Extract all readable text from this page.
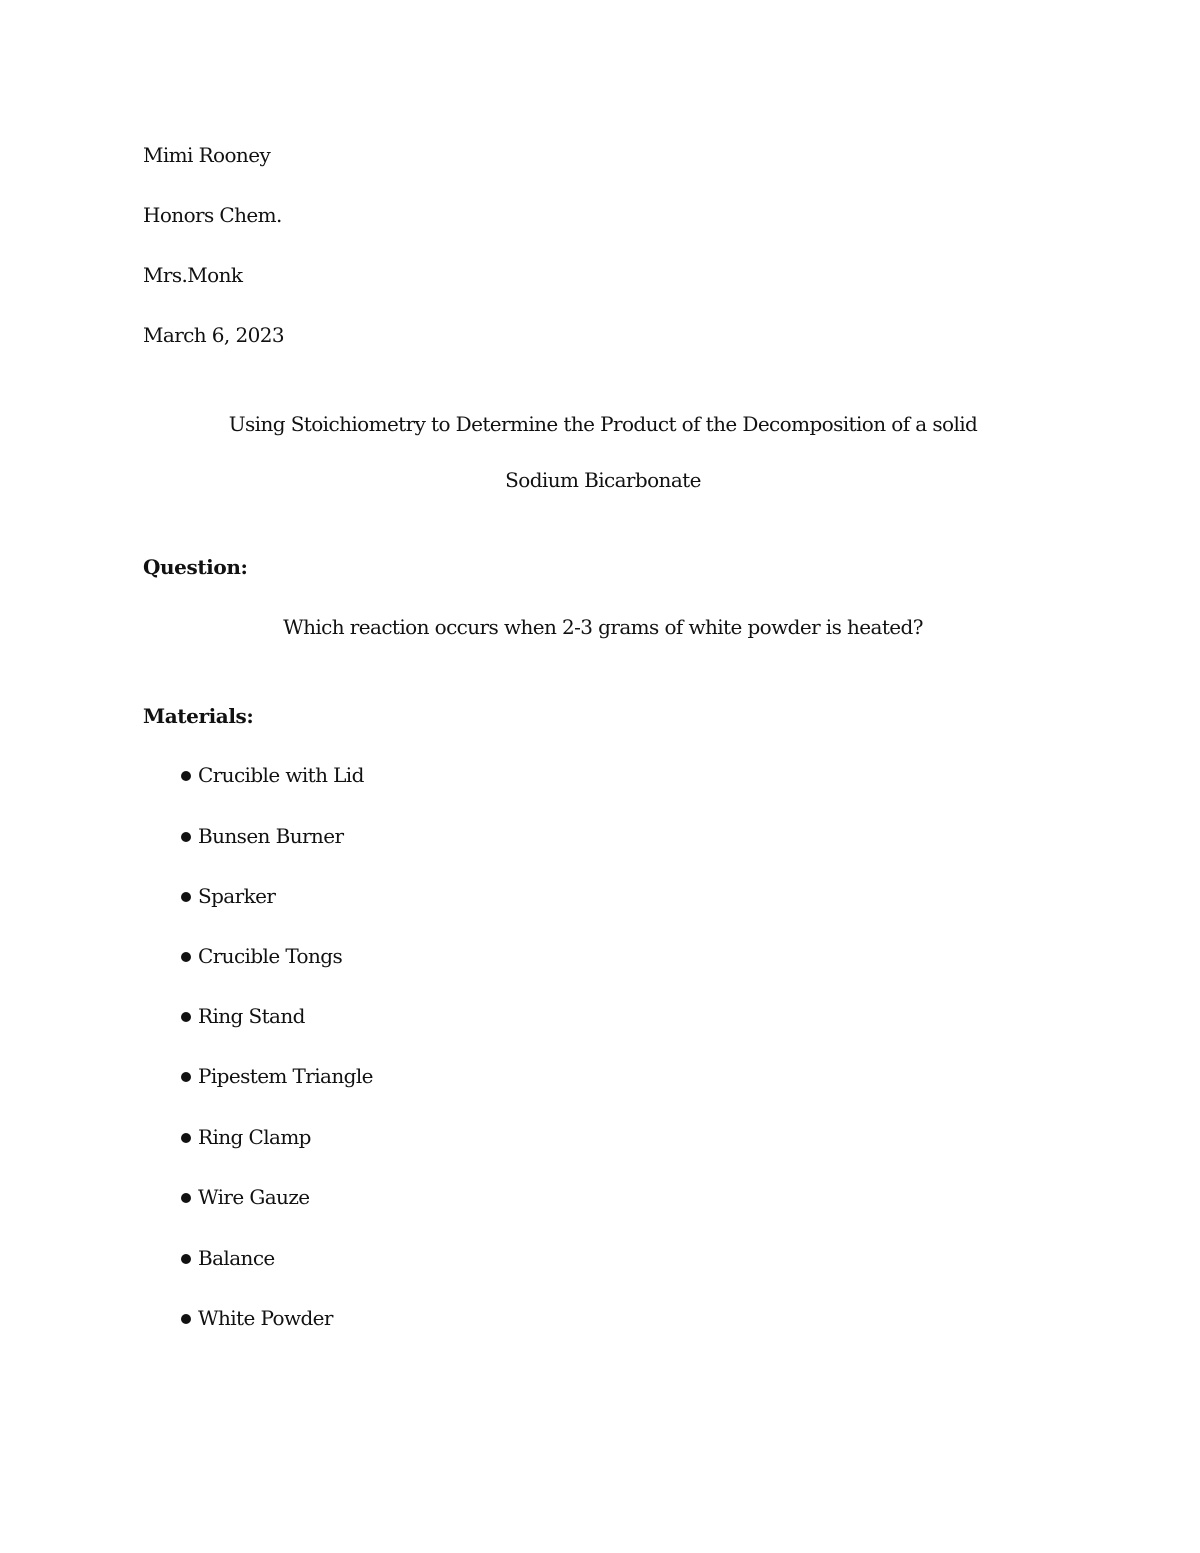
Mimi Rooney
Honors Chem.
Mrs.Monk
March 6, 2023
Using Stoichiometry to Determine the Product of the Decomposition of a solid
Sodium Bicarbonate
Question:
Which reaction occurs when 2-3 grams of white powder is heated?
Materials:
Crucible with Lid
Bunsen Burner
Sparker
Crucible Tongs
Ring Stand
Pipestem Triangle
Ring Clamp
Wire Gauze
Balance
White Powder
